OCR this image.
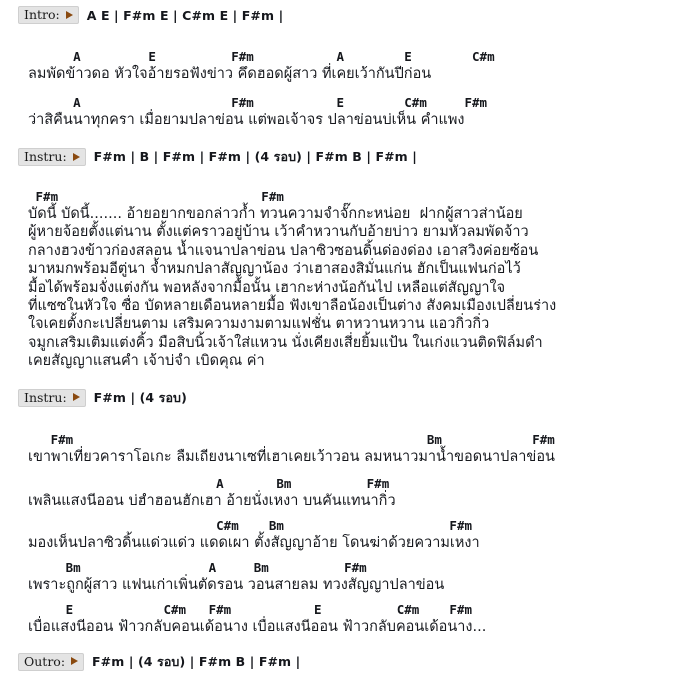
Intro: A E | F#m E | C#m E | F#m |
A         E          F#m           A        E        C#m
ลมพัดข้าวดอ หัวใจอ้ายรอฟังข่าว คึดฮอดผู้สาว ที่เคยเว้ากันปีก่อน
A                    F#m           E        C#m     F#m
ว่าสิคืนนาทุกครา เมื่อยามปลาข่อน แต่พอเจ้าจร ปลาข่อนบ่เห็น คำแพง
Instru: F#m | B | F#m | F#m | (4 รอบ) | F#m B | F#m |
F#m                           F#m
บัดนี้ บัดนี้....... อ้ายอยากขอกล่าวก้ำ ทวนความจำจั๊กกะหน่อย  ฝากผู้สาวส่าน้อย
ผู้หายจ้อยตั้งแต่นาน ตั้งแต่คราวอยู่บ้าน เว้าคำหวานกับอ้ายบ่าว ยามหัวลมพัดจ้าว
กลางฮวงข้าวก่องสลอน น้ำแจนาปลาข่อน ปลาซิวซอนดิ้นด่องด่อง เอาสวิงค่อยซ้อน
มาหมกพร้อมอีตู่นา จ้ำหมกปลาสัญญาน้อง ว่าเฮาสองสิมั่นแก่น ฮักเป็นแฟนก่อไว้
มื้อได้พร้อมจั่งแต่งกัน พอหลังจากมื้อนั้น เฮากะห่างน้อกันไป เหลือแต่สัญญาใจ
ที่แซซในหัวใจ ซื่อ บัดหลายเดือนหลายมื้อ ฟังเขาลือน้องเป็นต่าง สังคมเมืองเปลี่ยนร่าง
ใจเคยตั้งกะเปลี่ยนตาม เสริมความงามตามแฟชั่น ตาหวานหวาน แอวกิ่วกิ่ว
จมูกเสริมเติมแต่งคิ้ว มือสิบนิ้วเจ้าใส่แหวน นั่งเคียงเสี่ยยิ้มแป้น ในเก่งแวนติดฟิล์มดำ
เคยสัญญาแสนคำ เจ้าบ่จำ เบิดคุณ ค่า
Instru: F#m | (4 รอบ)
F#m                                               Bm            F#m
เขาพาเที่ยวคาราโอเกะ ลืมเถียงนาเซที่เฮาเคยเว้าวอน ลมหนาวมาน้ำขอดนาปลาข่อน
A       Bm          F#m
เพลินแสงนีออน บ่ฮำฮอนฮักเฮา อ้ายนั่งเหงา บนคันแทนากิ่ว
C#m    Bm                      F#m
มองเห็นปลาซิวดิ้นแด่วแด่ว แดดเผา ตั้งสัญญาอ้าย โดนฆ่าด้วยความเหงา
Bm                 A     Bm          F#m
เพราะถูกผู้สาว แฟนเก่าเพิ่นตัดรอน วอนสายลม ทวงสัญญาปลาข่อน
E            C#m   F#m           E          C#m    F#m
เบื่อแสงนีออน ฟ้าวกลับคอนเด้อนาง เบื่อแสงนีออน ฟ้าวกลับคอนเด้อนาง...
Outro: F#m | (4 รอบ) | F#m B | F#m |
